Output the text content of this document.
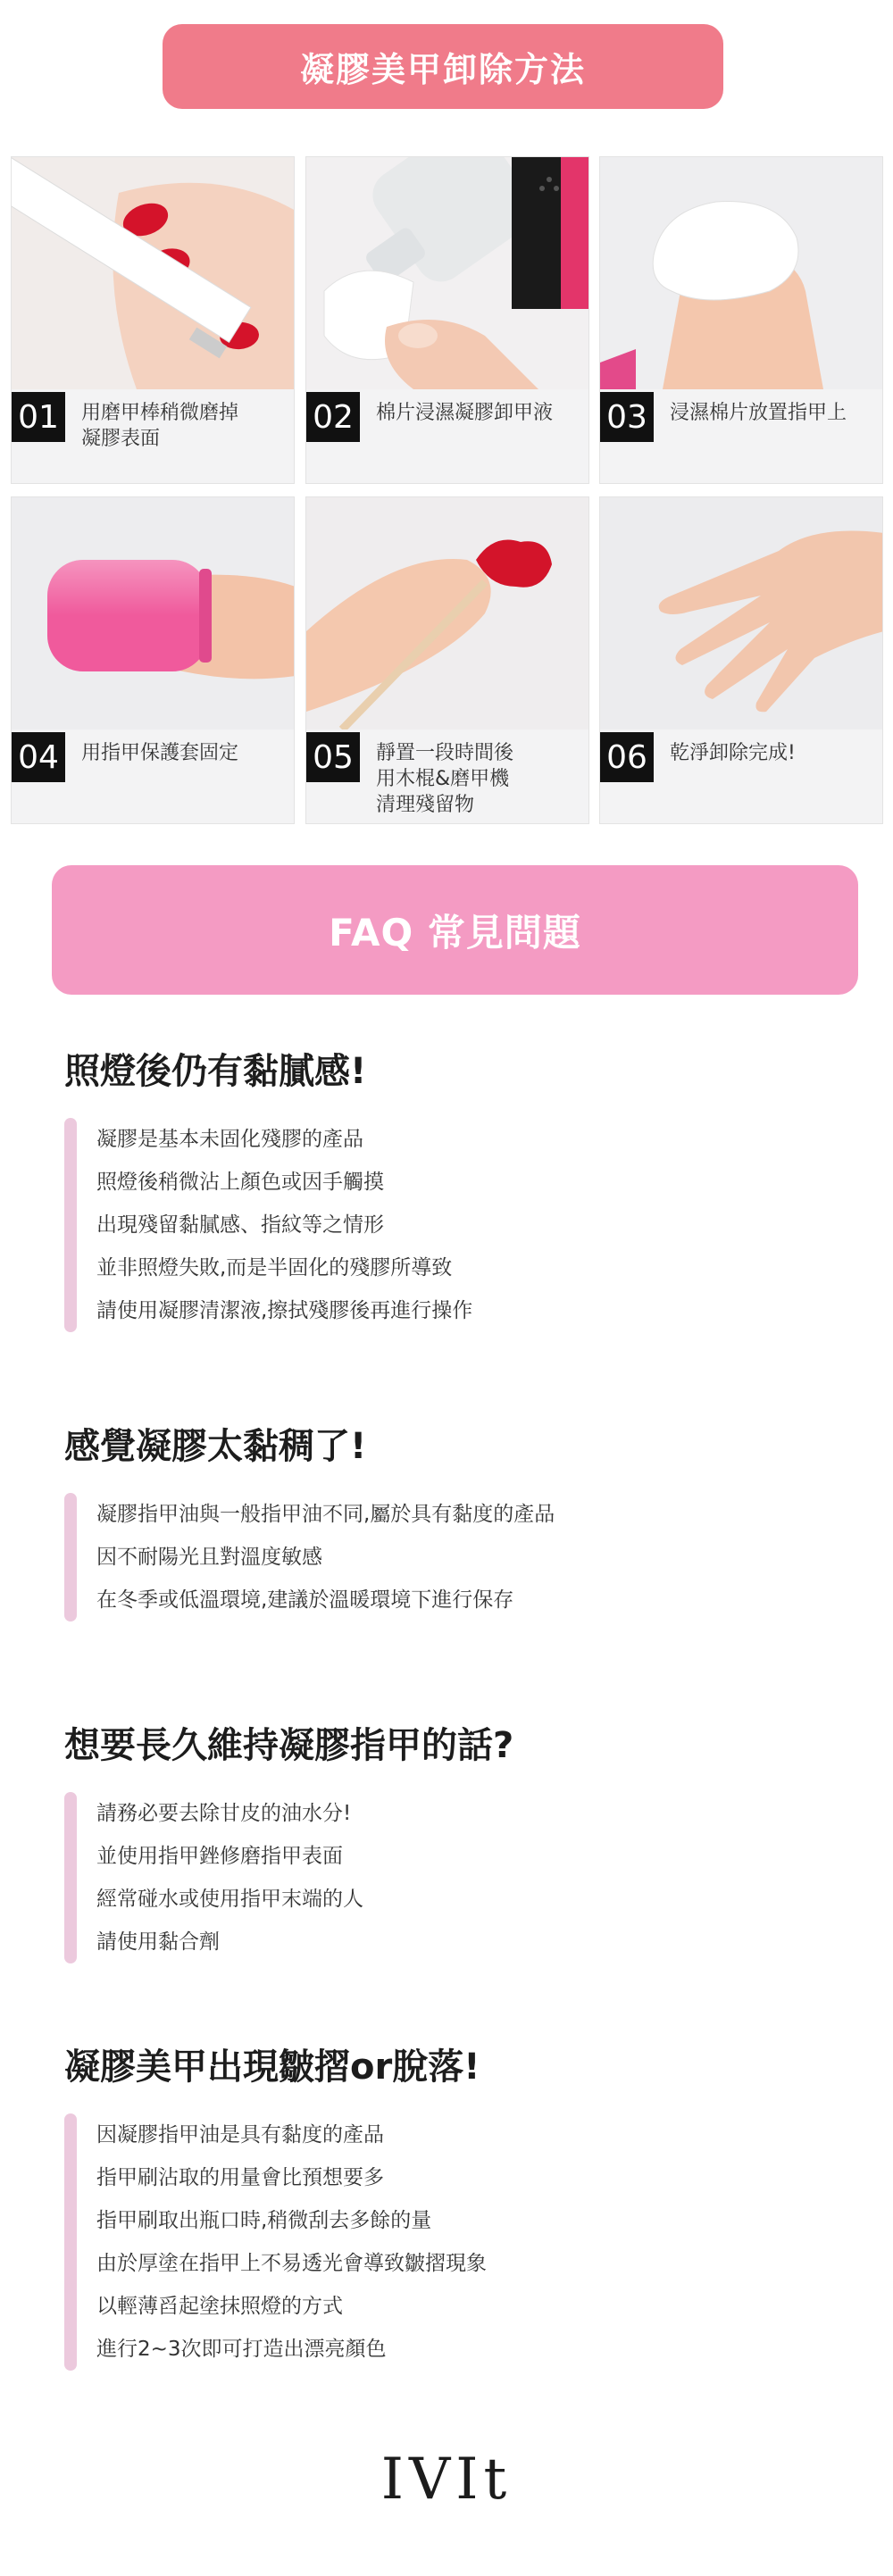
凝膠美甲卸除方法
01	用磨甲棒稍微磨掉
凝膠表面
02	棉片浸濕凝膠卸甲液	03	浸濕棉片放置指甲上
04	用指甲保護套固定	05	靜置一段時間後
用木棍&磨甲機
清理殘留物
06	乾淨卸除完成!
FAQ 常見問題
照燈後仍有黏膩感!
凝膠是基本未固化殘膠的產品
照燈後稍微沾上顏色或因手觸摸
出現殘留黏膩感、指紋等之情形
並非照燈失敗,而是半固化的殘膠所導致
請使用凝膠清潔液,擦拭殘膠後再進行操作
感覺凝膠太黏稠了!
凝膠指甲油與一般指甲油不同,屬於具有黏度的產品
因不耐陽光且對溫度敏感
在冬季或低溫環境,建議於溫暖環境下進行保存
想要長久維持凝膠指甲的話?
請務必要去除甘皮的油水分!
並使用指甲銼修磨指甲表面
經常碰水或使用指甲末端的人
請使用黏合劑
凝膠美甲出現皺摺or脫落!
因凝膠指甲油是具有黏度的產品
指甲刷沾取的用量會比預想要多
指甲刷取出瓶口時,稍微刮去多餘的量
由於厚塗在指甲上不易透光會導致皺摺現象
以輕薄舀起塗抹照燈的方式
進行2~3次即可打造出漂亮顏色
IVIt
